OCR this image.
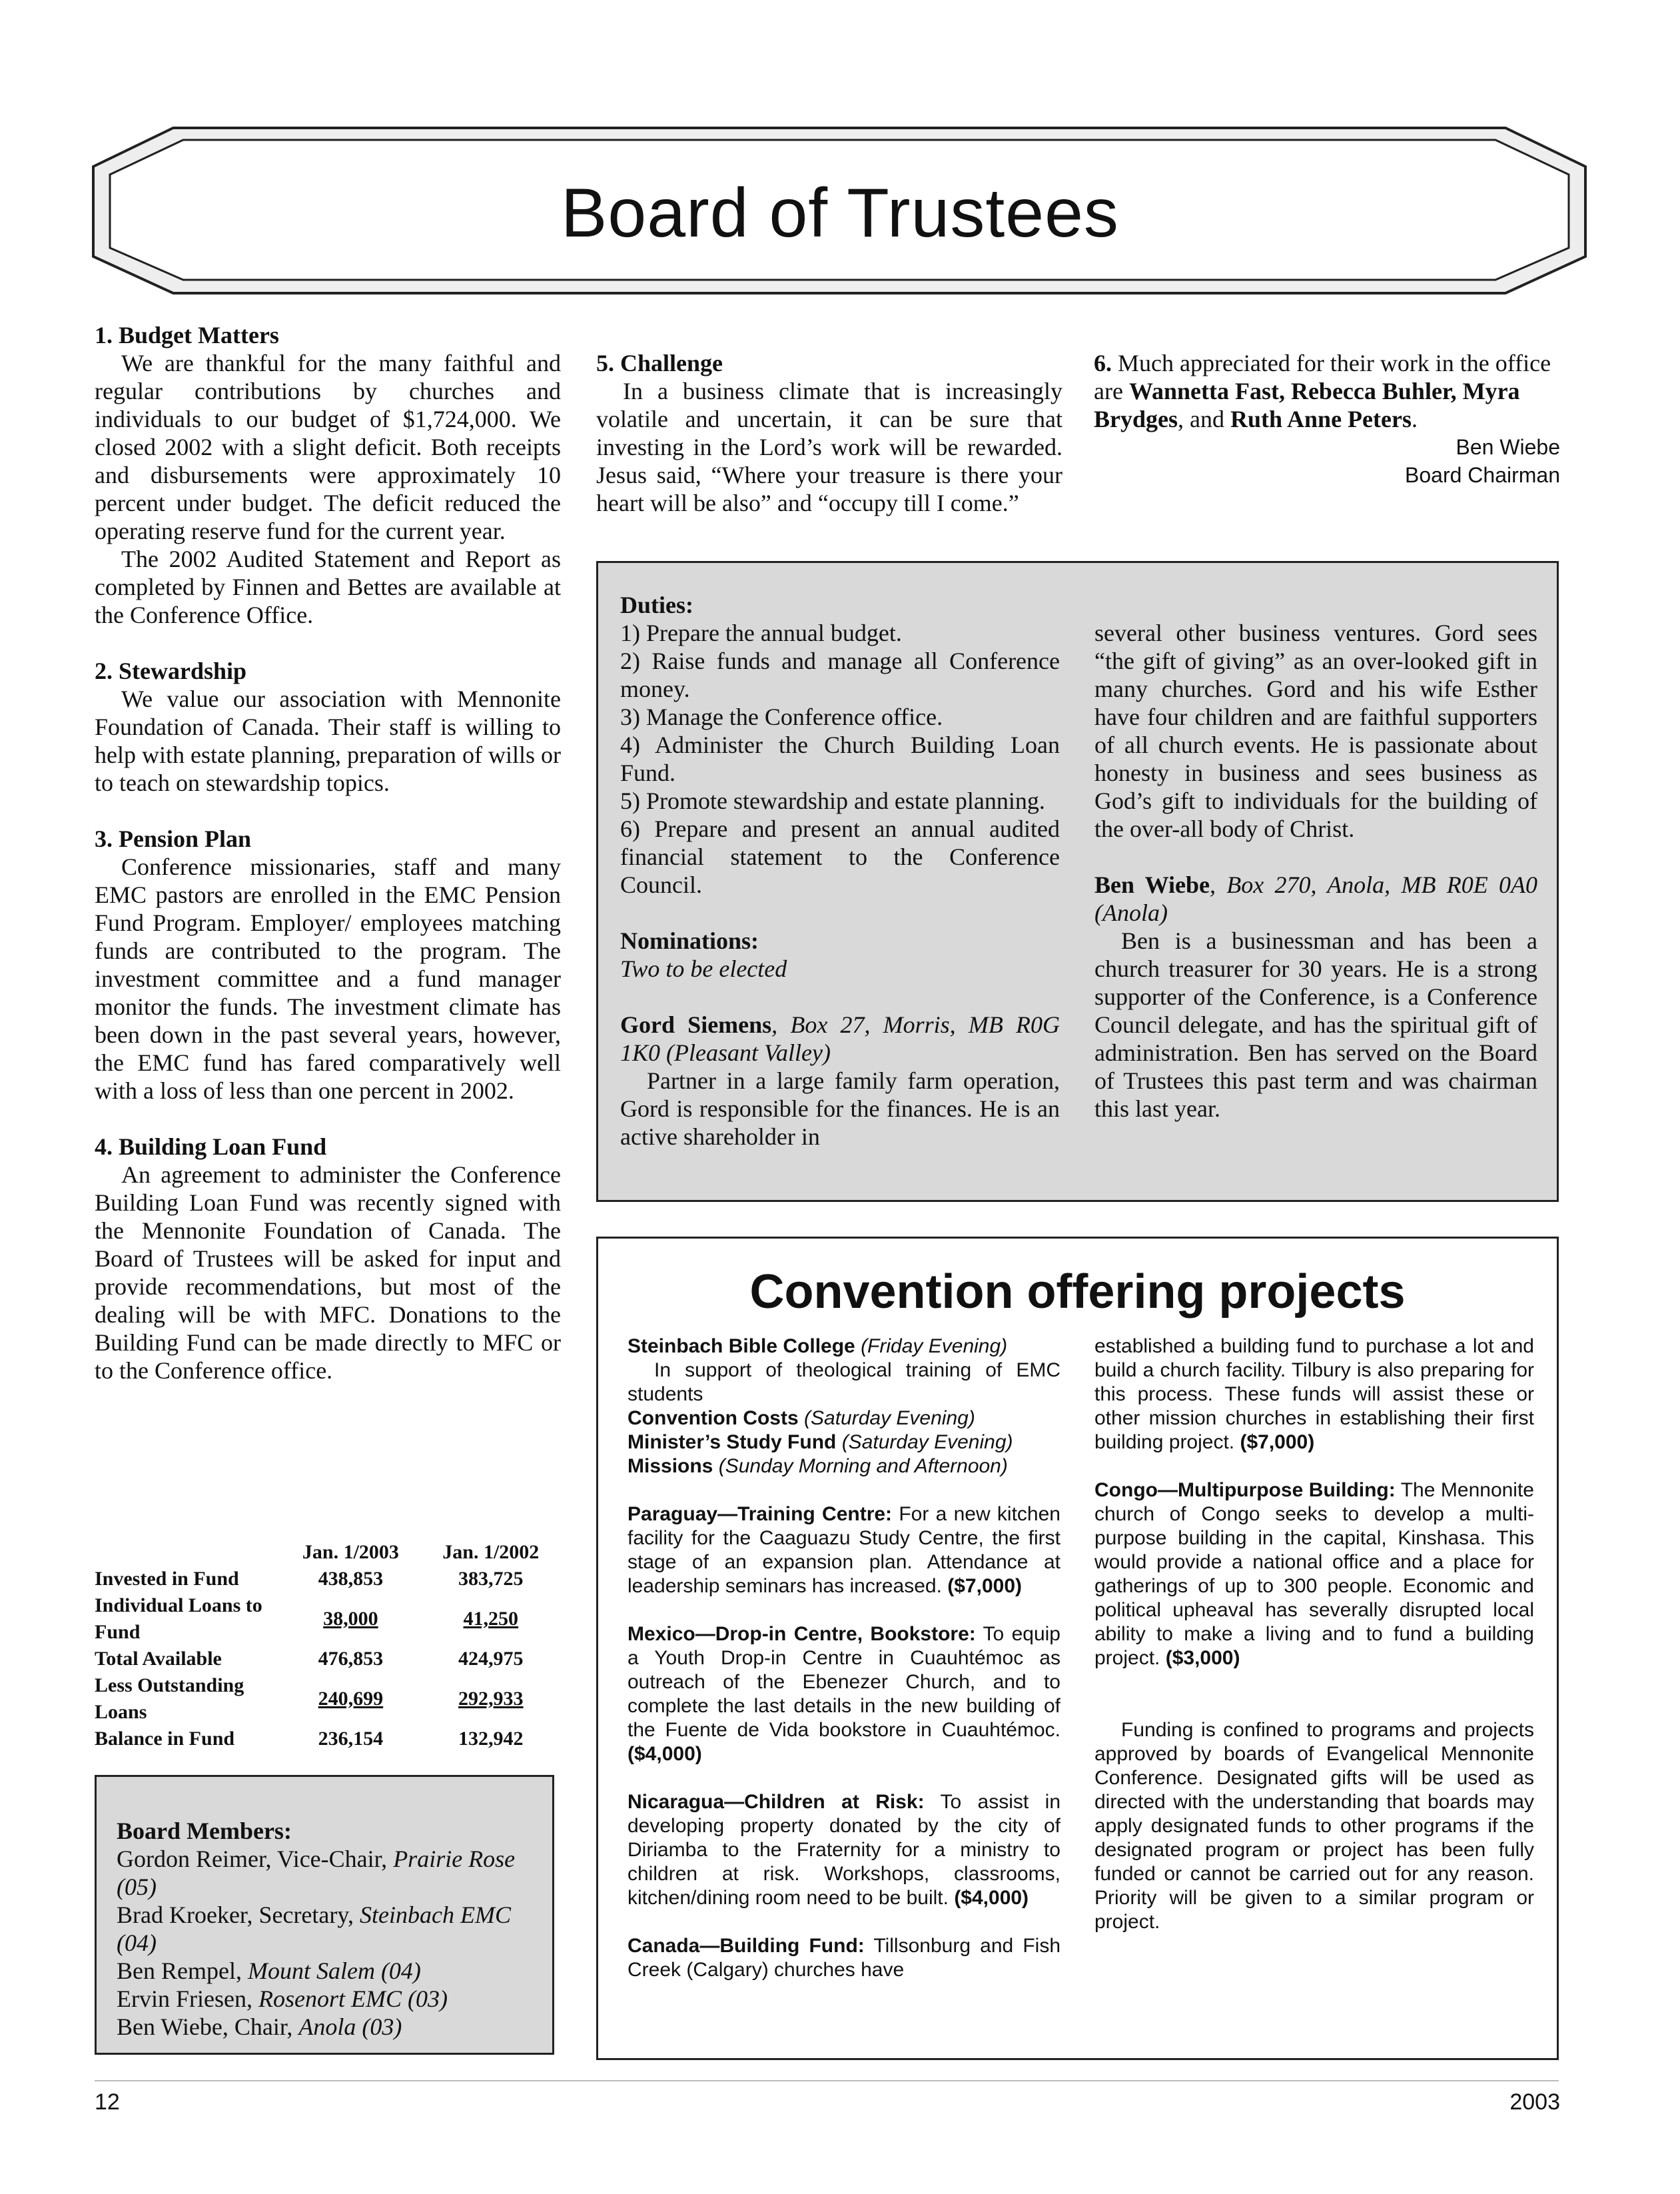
Board of Trustees
1. Budget Matters

We are thankful for the many faithful and regular contributions by churches and individuals to our budget of $1,724,000. We closed 2002 with a slight deficit. Both receipts and disbursements were approximately 10 percent under budget. The deficit reduced the operating reserve fund for the current year.

The 2002 Audited Statement and Report as completed by Finnen and Bettes are available at the Conference Office.

2. Stewardship

We value our association with Mennonite Foundation of Canada. Their staff is willing to help with estate planning, preparation of wills or to teach on stewardship topics.

3. Pension Plan

Conference missionaries, staff and many EMC pastors are enrolled in the EMC Pension Fund Program. Employer/ employees matching funds are contributed to the program. The investment committee and a fund manager monitor the funds. The investment climate has been down in the past several years, however, the EMC fund has fared comparatively well with a loss of less than one percent in 2002.

4. Building Loan Fund

An agreement to administer the Conference Building Loan Fund was recently signed with the Mennonite Foundation of Canada. The Board of Trustees will be asked for input and provide recommendations, but most of the dealing will be with MFC. Donations to the Building Fund can be made directly to MFC or to the Conference office.

	Jan. 1/2003	Jan. 1/2002
Invested in Fund	438,853	383,725
Individual Loans to Fund	38,000	41,250
Total Available	476,853	424,975
Less Outstanding Loans	240,699	292,933
Balance in Fund	236,154	132,942
Board Members:

Gordon Reimer, Vice-Chair, Prairie Rose (05)

Brad Kroeker, Secretary, Steinbach EMC (04)

Ben Rempel, Mount Salem (04)

Ervin Friesen, Rosenort EMC (03)

Ben Wiebe, Chair, Anola (03)

5. Challenge

In a business climate that is increasingly volatile and uncertain, it can be sure that investing in the Lord’s work will be rewarded. Jesus said, “Where your treasure is there your heart will be also” and “occupy till I come.”

6. Much appreciated for their work in the office are Wannetta Fast, Rebecca Buhler, Myra Brydges, and Ruth Anne Peters.

Ben Wiebe

Board Chairman

Duties:

1) Prepare the annual budget.

2) Raise funds and manage all Conference money.

3) Manage the Conference office.

4) Administer the Church Building Loan Fund.

5) Promote stewardship and estate planning.

6) Prepare and present an annual audited financial statement to the Conference Council.

Nominations:

Two to be elected

Gord Siemens, Box 27, Morris, MB R0G 1K0 (Pleasant Valley)

Partner in a large family farm operation, Gord is responsible for the finances. He is an active shareholder in

several other business ventures. Gord sees “the gift of giving” as an over-looked gift in many churches. Gord and his wife Esther have four children and are faithful supporters of all church events. He is passionate about honesty in business and sees business as God’s gift to individuals for the building of the over-all body of Christ.

Ben Wiebe, Box 270, Anola, MB R0E 0A0 (Anola)

Ben is a businessman and has been a church treasurer for 30 years. He is a strong supporter of the Conference, is a Conference Council delegate, and has the spiritual gift of administration. Ben has served on the Board of Trustees this past term and was chairman this last year.

Convention offering projects

Steinbach Bible College (Friday Evening)

In support of theological training of EMC students

Convention Costs (Saturday Evening)

Minister’s Study Fund (Saturday Evening)

Missions (Sunday Morning and Afternoon)

Paraguay—Training Centre: For a new kitchen facility for the Caaguazu Study Centre, the first stage of an expansion plan. Attendance at leadership seminars has increased. ($7,000)

Mexico—Drop-in Centre, Bookstore: To equip a Youth Drop-in Centre in Cuauhtémoc as outreach of the Ebenezer Church, and to complete the last details in the new building of the Fuente de Vida bookstore in Cuauhtémoc. ($4,000)

Nicaragua—Children at Risk: To assist in developing property donated by the city of Diriamba to the Fraternity for a ministry to children at risk. Workshops, classrooms, kitchen/dining room need to be built. ($4,000)

Canada—Building Fund: Tillsonburg and Fish Creek (Calgary) churches have

established a building fund to purchase a lot and build a church facility. Tilbury is also preparing for this process. These funds will assist these or other mission churches in establishing their first building project. ($7,000)

Congo—Multipurpose Building: The Mennonite church of Congo seeks to develop a multi-purpose building in the capital, Kinshasa. This would provide a national office and a place for gatherings of up to 300 people. Economic and political upheaval has severally disrupted local ability to make a living and to fund a building project. ($3,000)

Funding is confined to programs and projects approved by boards of Evangelical Mennonite Conference. Designated gifts will be used as directed with the understanding that boards may apply designated funds to other programs if the designated program or project has been fully funded or cannot be carried out for any reason. Priority will be given to a similar program or project.

12	2003
